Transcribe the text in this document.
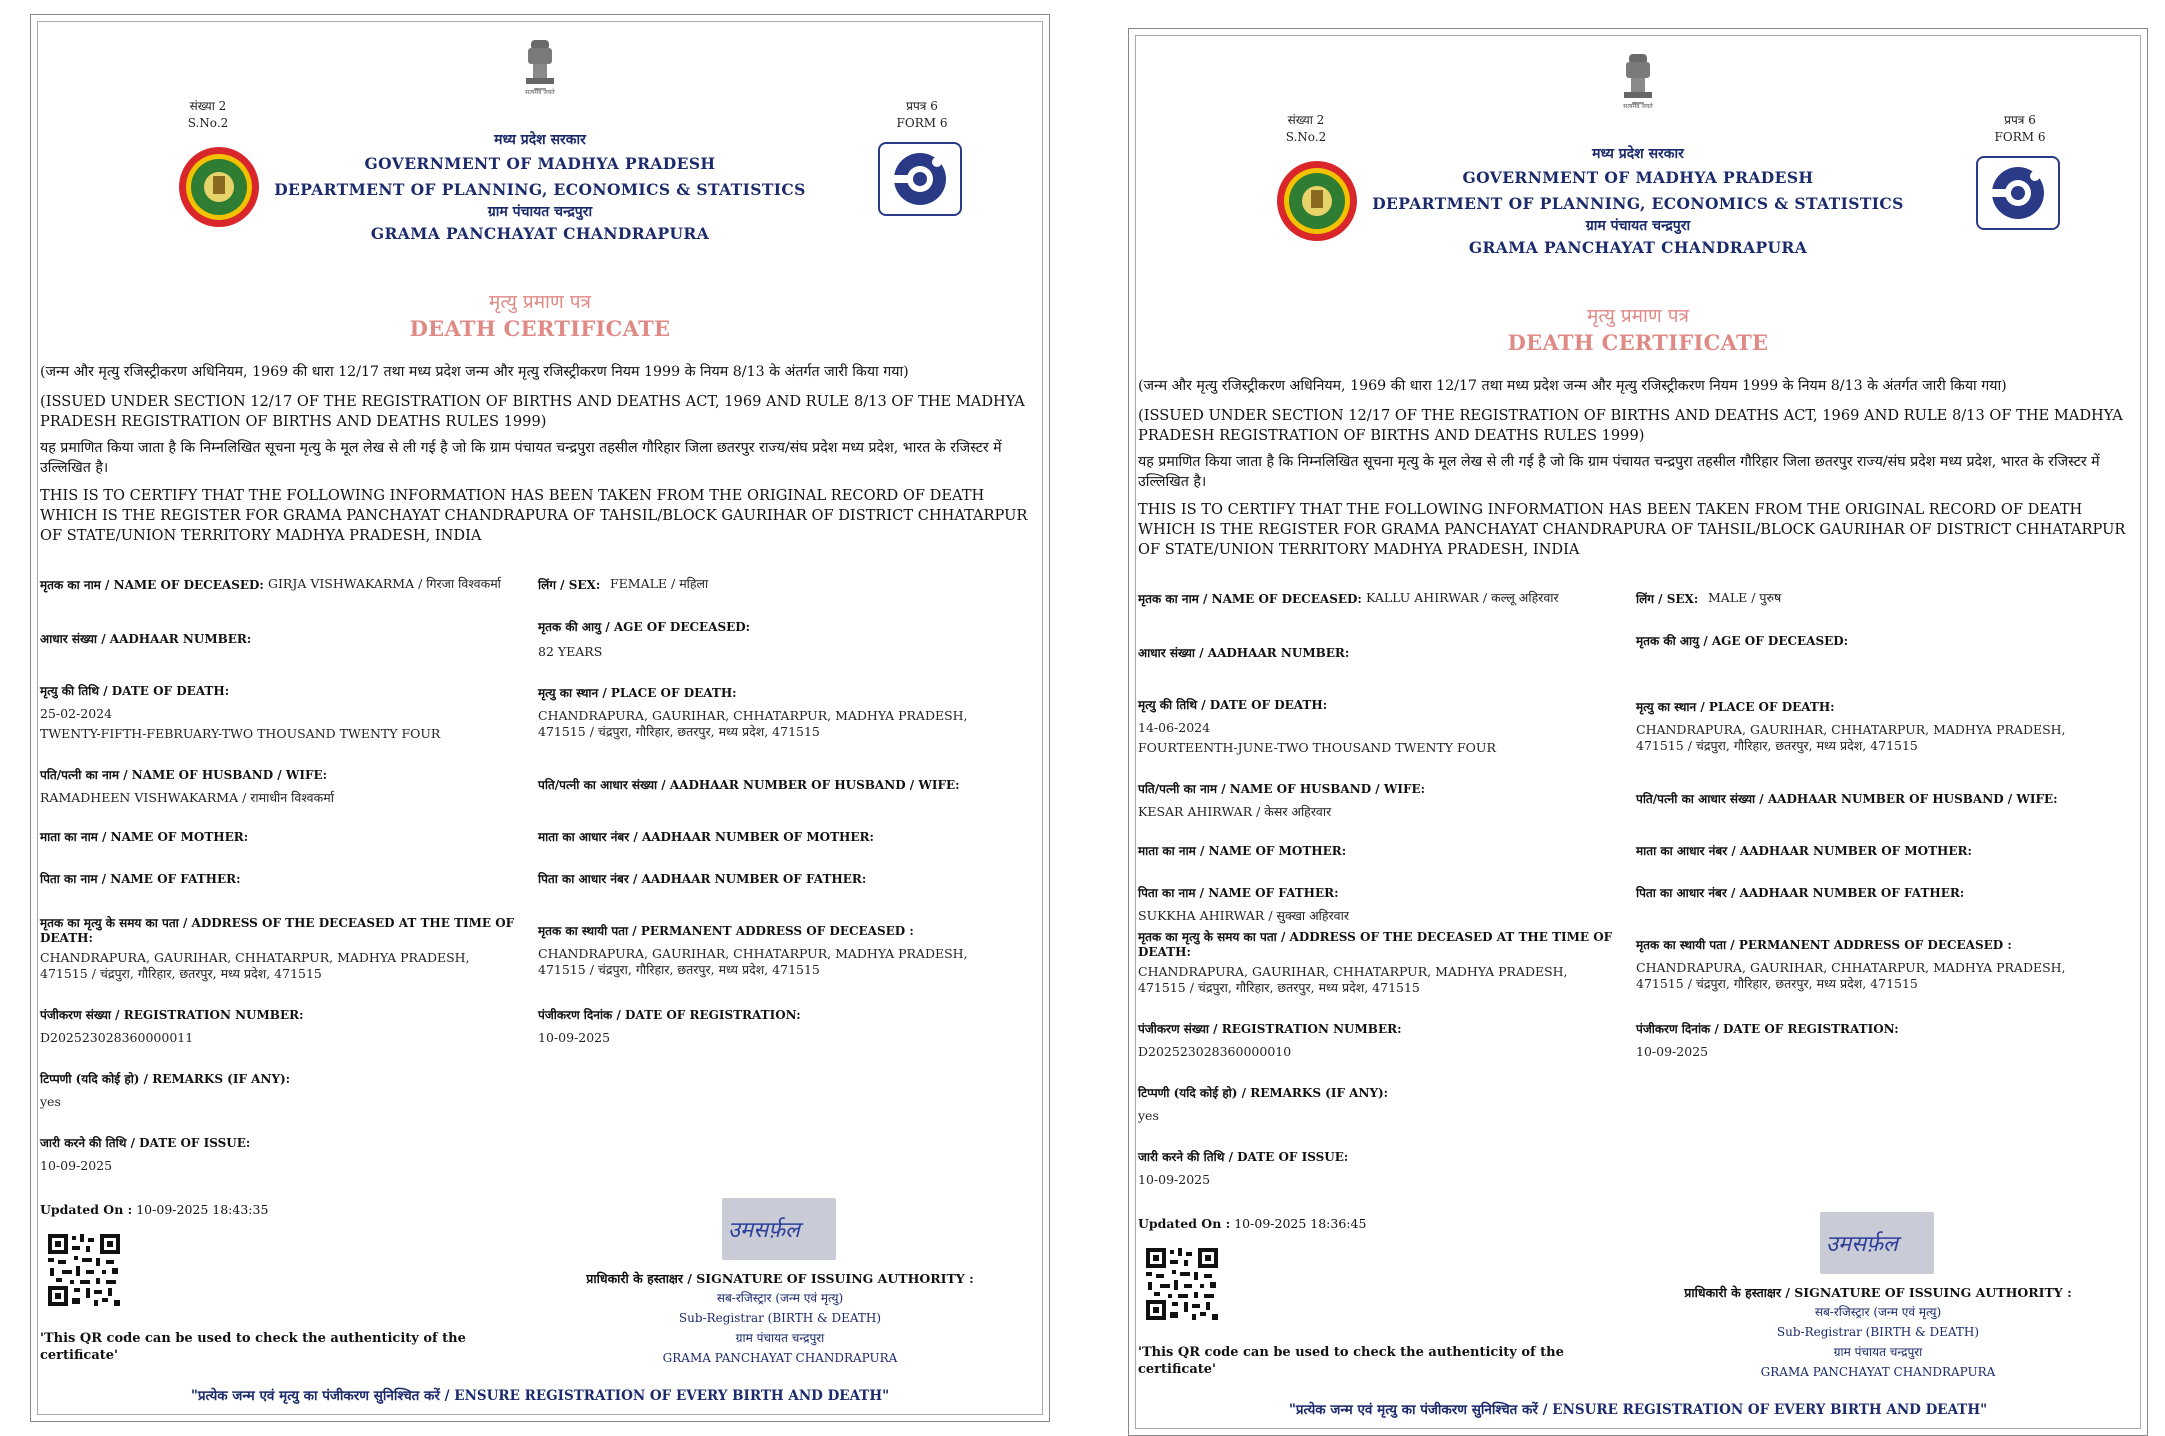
सत्यमेव जयते
संख्या 2
S.No.2
प्रपत्र 6
FORM 6
मध्य प्रदेश सरकार
GOVERNMENT OF MADHYA PRADESH
DEPARTMENT OF PLANNING, ECONOMICS & STATISTICS
ग्राम पंचायत चन्द्रपुरा
GRAMA PANCHAYAT CHANDRAPURA
मृत्यु प्रमाण पत्र
DEATH CERTIFICATE
(जन्म और मृत्यु रजिस्ट्रीकरण अधिनियम, 1969 की धारा 12/17 तथा मध्य प्रदेश जन्म और मृत्यु रजिस्ट्रीकरण नियम 1999 के नियम 8/13 के अंतर्गत जारी किया गया)
(ISSUED UNDER SECTION 12/17 OF THE REGISTRATION OF BIRTHS AND DEATHS ACT, 1969 AND RULE 8/13 OF THE MADHYA PRADESH REGISTRATION OF BIRTHS AND DEATHS RULES 1999)
यह प्रमाणित किया जाता है कि निम्नलिखित सूचना मृत्यु के मूल लेख से ली गई है जो कि ग्राम पंचायत चन्द्रपुरा तहसील गौरिहार जिला छतरपुर राज्य/संघ प्रदेश मध्य प्रदेश, भारत के रजिस्टर में उल्लिखित है।
THIS IS TO CERTIFY THAT THE FOLLOWING INFORMATION HAS BEEN TAKEN FROM THE ORIGINAL RECORD OF DEATH WHICH IS THE REGISTER FOR GRAMA PANCHAYAT CHANDRAPURA OF TAHSIL/BLOCK GAURIHAR OF DISTRICT CHHATARPUR OF STATE/UNION TERRITORY MADHYA PRADESH, INDIA
मृतक का नाम / NAME OF DECEASED: GIRJA VISHWAKARMA / गिरजा विश्वकर्मा
आधार संख्या / AADHAAR NUMBER:
मृत्यु की तिथि / DATE OF DEATH:
25-02-2024
TWENTY-FIFTH-FEBRUARY-TWO THOUSAND TWENTY FOUR
पति/पत्नी का नाम / NAME OF HUSBAND / WIFE:
RAMADHEEN VISHWAKARMA / रामाधीन विश्वकर्मा
माता का नाम / NAME OF MOTHER:
पिता का नाम / NAME OF FATHER:
मृतक का मृत्यु के समय का पता / ADDRESS OF THE DECEASED AT THE TIME OF DEATH:
CHANDRAPURA, GAURIHAR, CHHATARPUR, MADHYA PRADESH,
471515 / चंद्रपुरा, गौरिहार, छतरपुर, मध्य प्रदेश, 471515
पंजीकरण संख्या / REGISTRATION NUMBER:
D202523028360000011
टिप्पणी (यदि कोई हो) / REMARKS (IF ANY):
yes
जारी करने की तिथि / DATE OF ISSUE:
10-09-2025
Updated On : 10-09-2025 18:43:35
लिंग / SEX: FEMALE / महिला
मृतक की आयु / AGE OF DECEASED:
82 YEARS
मृत्यु का स्थान / PLACE OF DEATH:
CHANDRAPURA, GAURIHAR, CHHATARPUR, MADHYA PRADESH,
471515 / चंद्रपुरा, गौरिहार, छतरपुर, मध्य प्रदेश, 471515
पति/पत्नी का आधार संख्या / AADHAAR NUMBER OF HUSBAND / WIFE:
माता का आधार नंबर / AADHAAR NUMBER OF MOTHER:
पिता का आधार नंबर / AADHAAR NUMBER OF FATHER:
मृतक का स्थायी पता / PERMANENT ADDRESS OF DECEASED :
CHANDRAPURA, GAURIHAR, CHHATARPUR, MADHYA PRADESH,
471515 / चंद्रपुरा, गौरिहार, छतरपुर, मध्य प्रदेश, 471515
पंजीकरण दिनांक / DATE OF REGISTRATION:
10-09-2025
'This QR code can be used to check the authenticity of the certificate'
उमसर्फ़ल
प्राधिकारी के हस्ताक्षर / SIGNATURE OF ISSUING AUTHORITY :
सब-रजिस्ट्रार (जन्म एवं मृत्यु)
Sub-Registrar (BIRTH & DEATH)
ग्राम पंचायत चन्द्रपुरा
GRAMA PANCHAYAT CHANDRAPURA
"प्रत्येक जन्म एवं मृत्यु का पंजीकरण सुनिश्चित करें / ENSURE REGISTRATION OF EVERY BIRTH AND DEATH"
सत्यमेव जयते
संख्या 2
S.No.2
प्रपत्र 6
FORM 6
मध्य प्रदेश सरकार
GOVERNMENT OF MADHYA PRADESH
DEPARTMENT OF PLANNING, ECONOMICS & STATISTICS
ग्राम पंचायत चन्द्रपुरा
GRAMA PANCHAYAT CHANDRAPURA
मृत्यु प्रमाण पत्र
DEATH CERTIFICATE
(जन्म और मृत्यु रजिस्ट्रीकरण अधिनियम, 1969 की धारा 12/17 तथा मध्य प्रदेश जन्म और मृत्यु रजिस्ट्रीकरण नियम 1999 के नियम 8/13 के अंतर्गत जारी किया गया)
(ISSUED UNDER SECTION 12/17 OF THE REGISTRATION OF BIRTHS AND DEATHS ACT, 1969 AND RULE 8/13 OF THE MADHYA PRADESH REGISTRATION OF BIRTHS AND DEATHS RULES 1999)
यह प्रमाणित किया जाता है कि निम्नलिखित सूचना मृत्यु के मूल लेख से ली गई है जो कि ग्राम पंचायत चन्द्रपुरा तहसील गौरिहार जिला छतरपुर राज्य/संघ प्रदेश मध्य प्रदेश, भारत के रजिस्टर में उल्लिखित है।
THIS IS TO CERTIFY THAT THE FOLLOWING INFORMATION HAS BEEN TAKEN FROM THE ORIGINAL RECORD OF DEATH WHICH IS THE REGISTER FOR GRAMA PANCHAYAT CHANDRAPURA OF TAHSIL/BLOCK GAURIHAR OF DISTRICT CHHATARPUR OF STATE/UNION TERRITORY MADHYA PRADESH, INDIA
मृतक का नाम / NAME OF DECEASED: KALLU AHIRWAR / कल्लू अहिरवार
आधार संख्या / AADHAAR NUMBER:
मृत्यु की तिथि / DATE OF DEATH:
14-06-2024
FOURTEENTH-JUNE-TWO THOUSAND TWENTY FOUR
पति/पत्नी का नाम / NAME OF HUSBAND / WIFE:
KESAR AHIRWAR / केसर अहिरवार
माता का नाम / NAME OF MOTHER:
पिता का नाम / NAME OF FATHER:
SUKKHA AHIRWAR / सुक्खा अहिरवार
मृतक का मृत्यु के समय का पता / ADDRESS OF THE DECEASED AT THE TIME OF DEATH:
CHANDRAPURA, GAURIHAR, CHHATARPUR, MADHYA PRADESH,
471515 / चंद्रपुरा, गौरिहार, छतरपुर, मध्य प्रदेश, 471515
पंजीकरण संख्या / REGISTRATION NUMBER:
D202523028360000010
टिप्पणी (यदि कोई हो) / REMARKS (IF ANY):
yes
जारी करने की तिथि / DATE OF ISSUE:
10-09-2025
Updated On : 10-09-2025 18:36:45
लिंग / SEX: MALE / पुरुष
मृतक की आयु / AGE OF DECEASED:
मृत्यु का स्थान / PLACE OF DEATH:
CHANDRAPURA, GAURIHAR, CHHATARPUR, MADHYA PRADESH,
471515 / चंद्रपुरा, गौरिहार, छतरपुर, मध्य प्रदेश, 471515
पति/पत्नी का आधार संख्या / AADHAAR NUMBER OF HUSBAND / WIFE:
माता का आधार नंबर / AADHAAR NUMBER OF MOTHER:
पिता का आधार नंबर / AADHAAR NUMBER OF FATHER:
मृतक का स्थायी पता / PERMANENT ADDRESS OF DECEASED :
CHANDRAPURA, GAURIHAR, CHHATARPUR, MADHYA PRADESH,
471515 / चंद्रपुरा, गौरिहार, छतरपुर, मध्य प्रदेश, 471515
पंजीकरण दिनांक / DATE OF REGISTRATION:
10-09-2025
'This QR code can be used to check the authenticity of the certificate'
उमसर्फ़ल
प्राधिकारी के हस्ताक्षर / SIGNATURE OF ISSUING AUTHORITY :
सब-रजिस्ट्रार (जन्म एवं मृत्यु)
Sub-Registrar (BIRTH & DEATH)
ग्राम पंचायत चन्द्रपुरा
GRAMA PANCHAYAT CHANDRAPURA
"प्रत्येक जन्म एवं मृत्यु का पंजीकरण सुनिश्चित करें / ENSURE REGISTRATION OF EVERY BIRTH AND DEATH"
